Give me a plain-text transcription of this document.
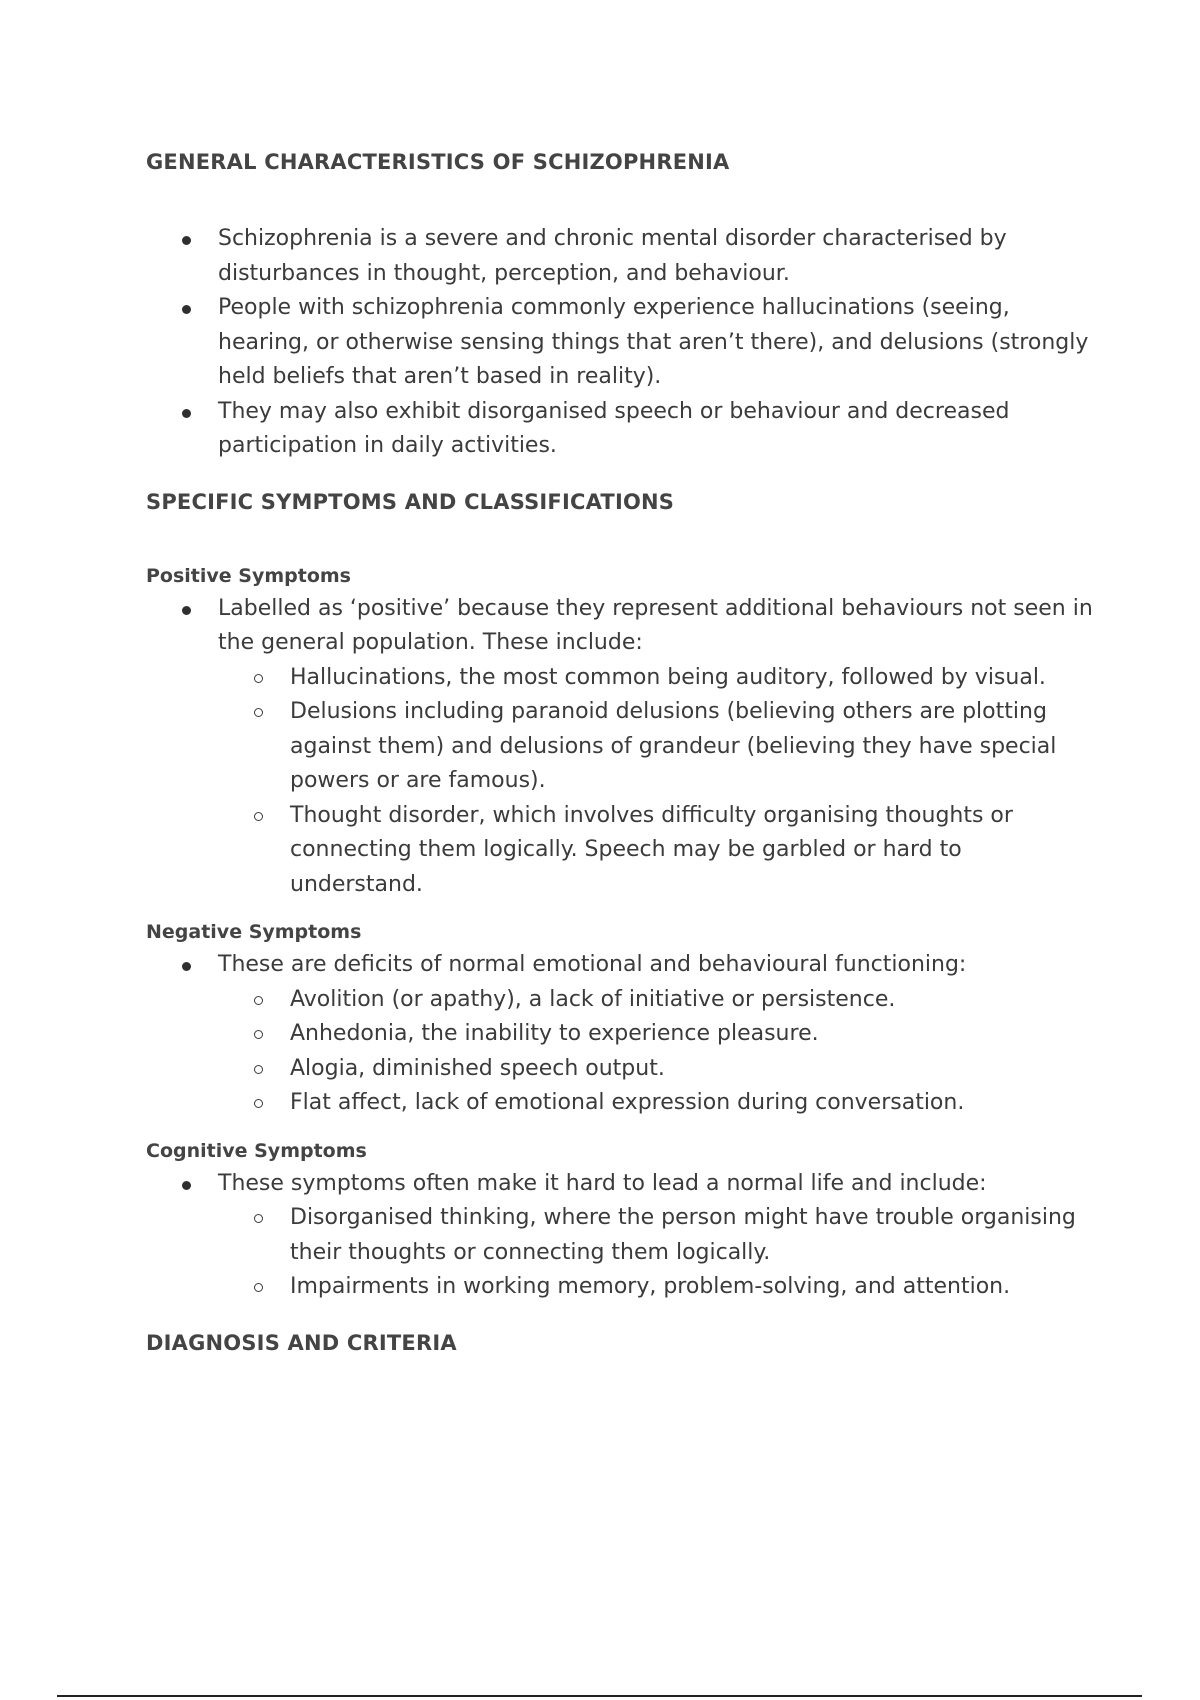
GENERAL CHARACTERISTICS OF SCHIZOPHRENIA
Schizophrenia is a severe and chronic mental disorder characterised by disturbances in thought, perception, and behaviour.
People with schizophrenia commonly experience hallucinations (seeing, hearing, or otherwise sensing things that aren’t there), and delusions (strongly held beliefs that aren’t based in reality).
They may also exhibit disorganised speech or behaviour and decreased participation in daily activities.
SPECIFIC SYMPTOMS AND CLASSIFICATIONS
Positive Symptoms
Labelled as ‘positive’ because they represent additional behaviours not seen in the general population. These include:
Hallucinations, the most common being auditory, followed by visual.
Delusions including paranoid delusions (believing others are plotting against them) and delusions of grandeur (believing they have special powers or are famous).
Thought disorder, which involves difficulty organising thoughts or connecting them logically. Speech may be garbled or hard to understand.
Negative Symptoms
These are deficits of normal emotional and behavioural functioning:
Avolition (or apathy), a lack of initiative or persistence.
Anhedonia, the inability to experience pleasure.
Alogia, diminished speech output.
Flat affect, lack of emotional expression during conversation.
Cognitive Symptoms
These symptoms often make it hard to lead a normal life and include:
Disorganised thinking, where the person might have trouble organising their thoughts or connecting them logically.
Impairments in working memory, problem-solving, and attention.
DIAGNOSIS AND CRITERIA
